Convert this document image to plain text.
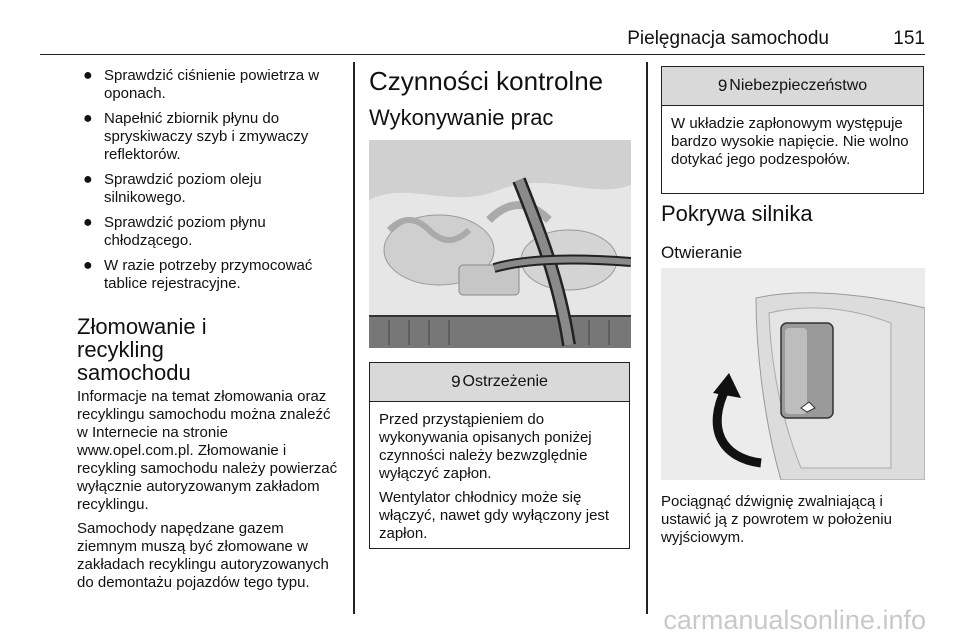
Pielęgnacja samochodu	151
● Sprawdzić ciśnienie powietrza w oponach.
● Napełnić zbiornik płynu do spryskiwaczy szyb i zmywaczy reflektorów.
● Sprawdzić poziom oleju silnikowego.
● Sprawdzić poziom płynu chłodzącego.
● W razie potrzeby przymocować tablice rejestracyjne.
Złomowanie i recykling samochodu

Informacje na temat złomowania oraz recyklingu samochodu można znaleźć w Internecie na stronie www.opel.com.pl. Złomowanie i recykling samochodu należy powierzać wyłącznie autoryzowanym zakładom recyklingu.

Samochody napędzane gazem ziemnym muszą być złomowane w zakładach recyklingu autoryzowanych do demontażu pojazdów tego typu.

Czynności kontrolne
Wykonywanie prac
9 Ostrzeżenie

Przed przystąpieniem do wykonywania opisanych poniżej czynności należy bezwzględnie wyłączyć zapłon.

Wentylator chłodnicy może się włączyć, nawet gdy wyłączony jest zapłon.

9 Niebezpieczeństwo

W układzie zapłonowym występuje bardzo wysokie napięcie. Nie wolno dotykać jego podzespołów.

Pokrywa silnika
Otwieranie

Pociągnąć dźwignię zwalniającą i ustawić ją z powrotem w położeniu wyjściowym.

carmanualsonline.info
